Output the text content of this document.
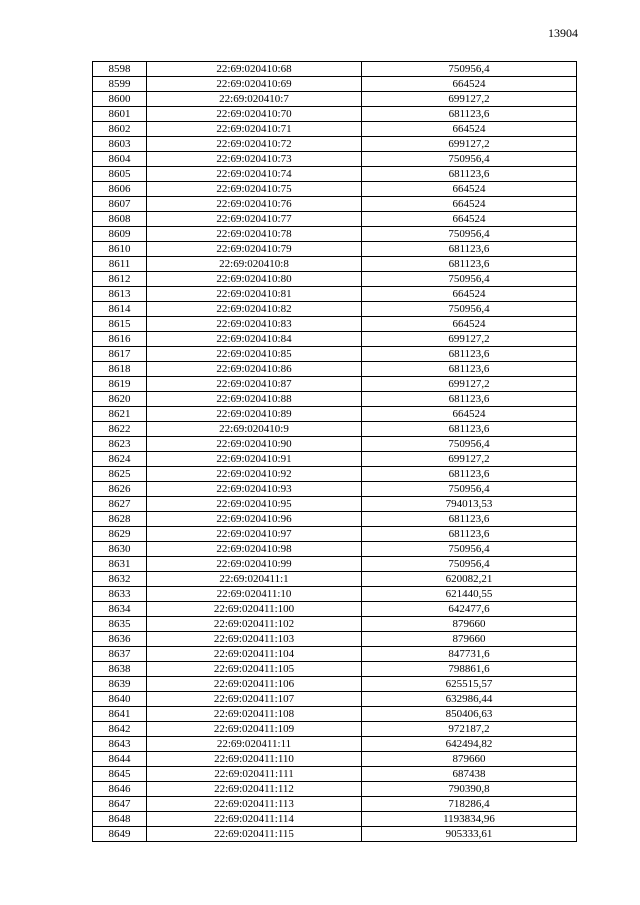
13904
8598	22:69:020410:68	750956,4
8599	22:69:020410:69	664524
8600	22:69:020410:7	699127,2
8601	22:69:020410:70	681123,6
8602	22:69:020410:71	664524
8603	22:69:020410:72	699127,2
8604	22:69:020410:73	750956,4
8605	22:69:020410:74	681123,6
8606	22:69:020410:75	664524
8607	22:69:020410:76	664524
8608	22:69:020410:77	664524
8609	22:69:020410:78	750956,4
8610	22:69:020410:79	681123,6
8611	22:69:020410:8	681123,6
8612	22:69:020410:80	750956,4
8613	22:69:020410:81	664524
8614	22:69:020410:82	750956,4
8615	22:69:020410:83	664524
8616	22:69:020410:84	699127,2
8617	22:69:020410:85	681123,6
8618	22:69:020410:86	681123,6
8619	22:69:020410:87	699127,2
8620	22:69:020410:88	681123,6
8621	22:69:020410:89	664524
8622	22:69:020410:9	681123,6
8623	22:69:020410:90	750956,4
8624	22:69:020410:91	699127,2
8625	22:69:020410:92	681123,6
8626	22:69:020410:93	750956,4
8627	22:69:020410:95	794013,53
8628	22:69:020410:96	681123,6
8629	22:69:020410:97	681123,6
8630	22:69:020410:98	750956,4
8631	22:69:020410:99	750956,4
8632	22:69:020411:1	620082,21
8633	22:69:020411:10	621440,55
8634	22:69:020411:100	642477,6
8635	22:69:020411:102	879660
8636	22:69:020411:103	879660
8637	22:69:020411:104	847731,6
8638	22:69:020411:105	798861,6
8639	22:69:020411:106	625515,57
8640	22:69:020411:107	632986,44
8641	22:69:020411:108	850406,63
8642	22:69:020411:109	972187,2
8643	22:69:020411:11	642494,82
8644	22:69:020411:110	879660
8645	22:69:020411:111	687438
8646	22:69:020411:112	790390,8
8647	22:69:020411:113	718286,4
8648	22:69:020411:114	1193834,96
8649	22:69:020411:115	905333,61
